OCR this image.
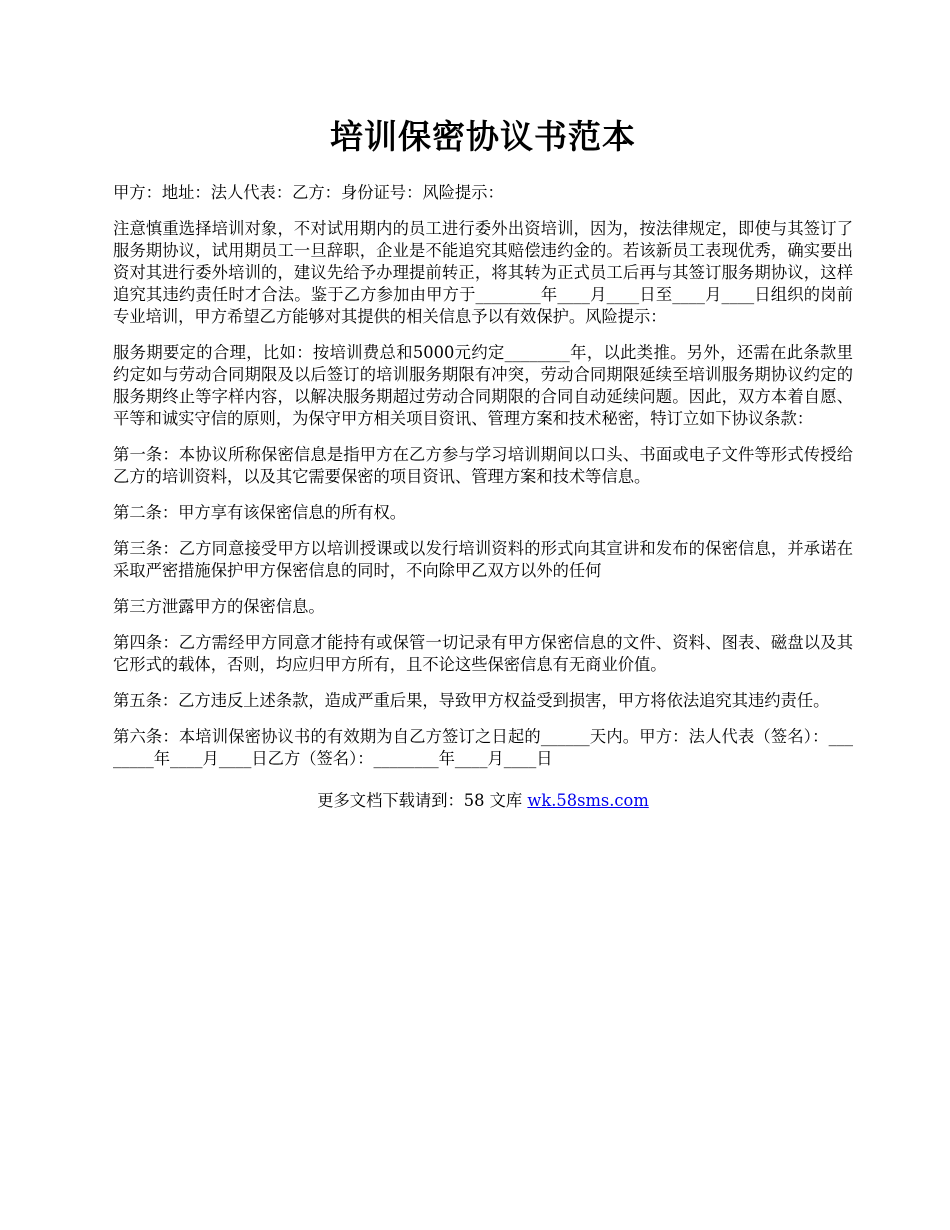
培训保密协议书范本

甲方：地址：法人代表：乙方：身份证号：风险提示：

注意慎重选择培训对象，不对试用期内的员工进行委外出资培训，因为，按法律规定，即使与其签订了服务期协议，试用期员工一旦辞职，企业是不能追究其赔偿违约金的。若该新员工表现优秀，确实要出资对其进行委外培训的，建议先给予办理提前转正，将其转为正式员工后再与其签订服务期协议，这样追究其违约责任时才合法。鉴于乙方参加由甲方于________年____月____日至____月____日组织的岗前专业培训，甲方希望乙方能够对其提供的相关信息予以有效保护。风险提示：

服务期要定的合理，比如：按培训费总和5000元约定________年，以此类推。另外，还需在此条款里约定如与劳动合同期限及以后签订的培训服务期限有冲突，劳动合同期限延续至培训服务期协议约定的服务期终止等字样内容，以解决服务期超过劳动合同期限的合同自动延续问题。因此，双方本着自愿、平等和诚实守信的原则，为保守甲方相关项目资讯、管理方案和技术秘密，特订立如下协议条款：

第一条：本协议所称保密信息是指甲方在乙方参与学习培训期间以口头、书面或电子文件等形式传授给乙方的培训资料，以及其它需要保密的项目资讯、管理方案和技术等信息。

第二条：甲方享有该保密信息的所有权。

第三条：乙方同意接受甲方以培训授课或以发行培训资料的形式向其宣讲和发布的保密信息，并承诺在采取严密措施保护甲方保密信息的同时，不向除甲乙双方以外的任何

第三方泄露甲方的保密信息。

第四条：乙方需经甲方同意才能持有或保管一切记录有甲方保密信息的文件、资料、图表、磁盘以及其它形式的载体，否则，均应归甲方所有，且不论这些保密信息有无商业价值。

第五条：乙方违反上述条款，造成严重后果，导致甲方权益受到损害，甲方将依法追究其违约责任。

第六条：本培训保密协议书的有效期为自乙方签订之日起的______天内。甲方：法人代表（签名）：________年____月____日乙方（签名）：________年____月____日

更多文档下载请到：58 文库 wk.58sms.com
